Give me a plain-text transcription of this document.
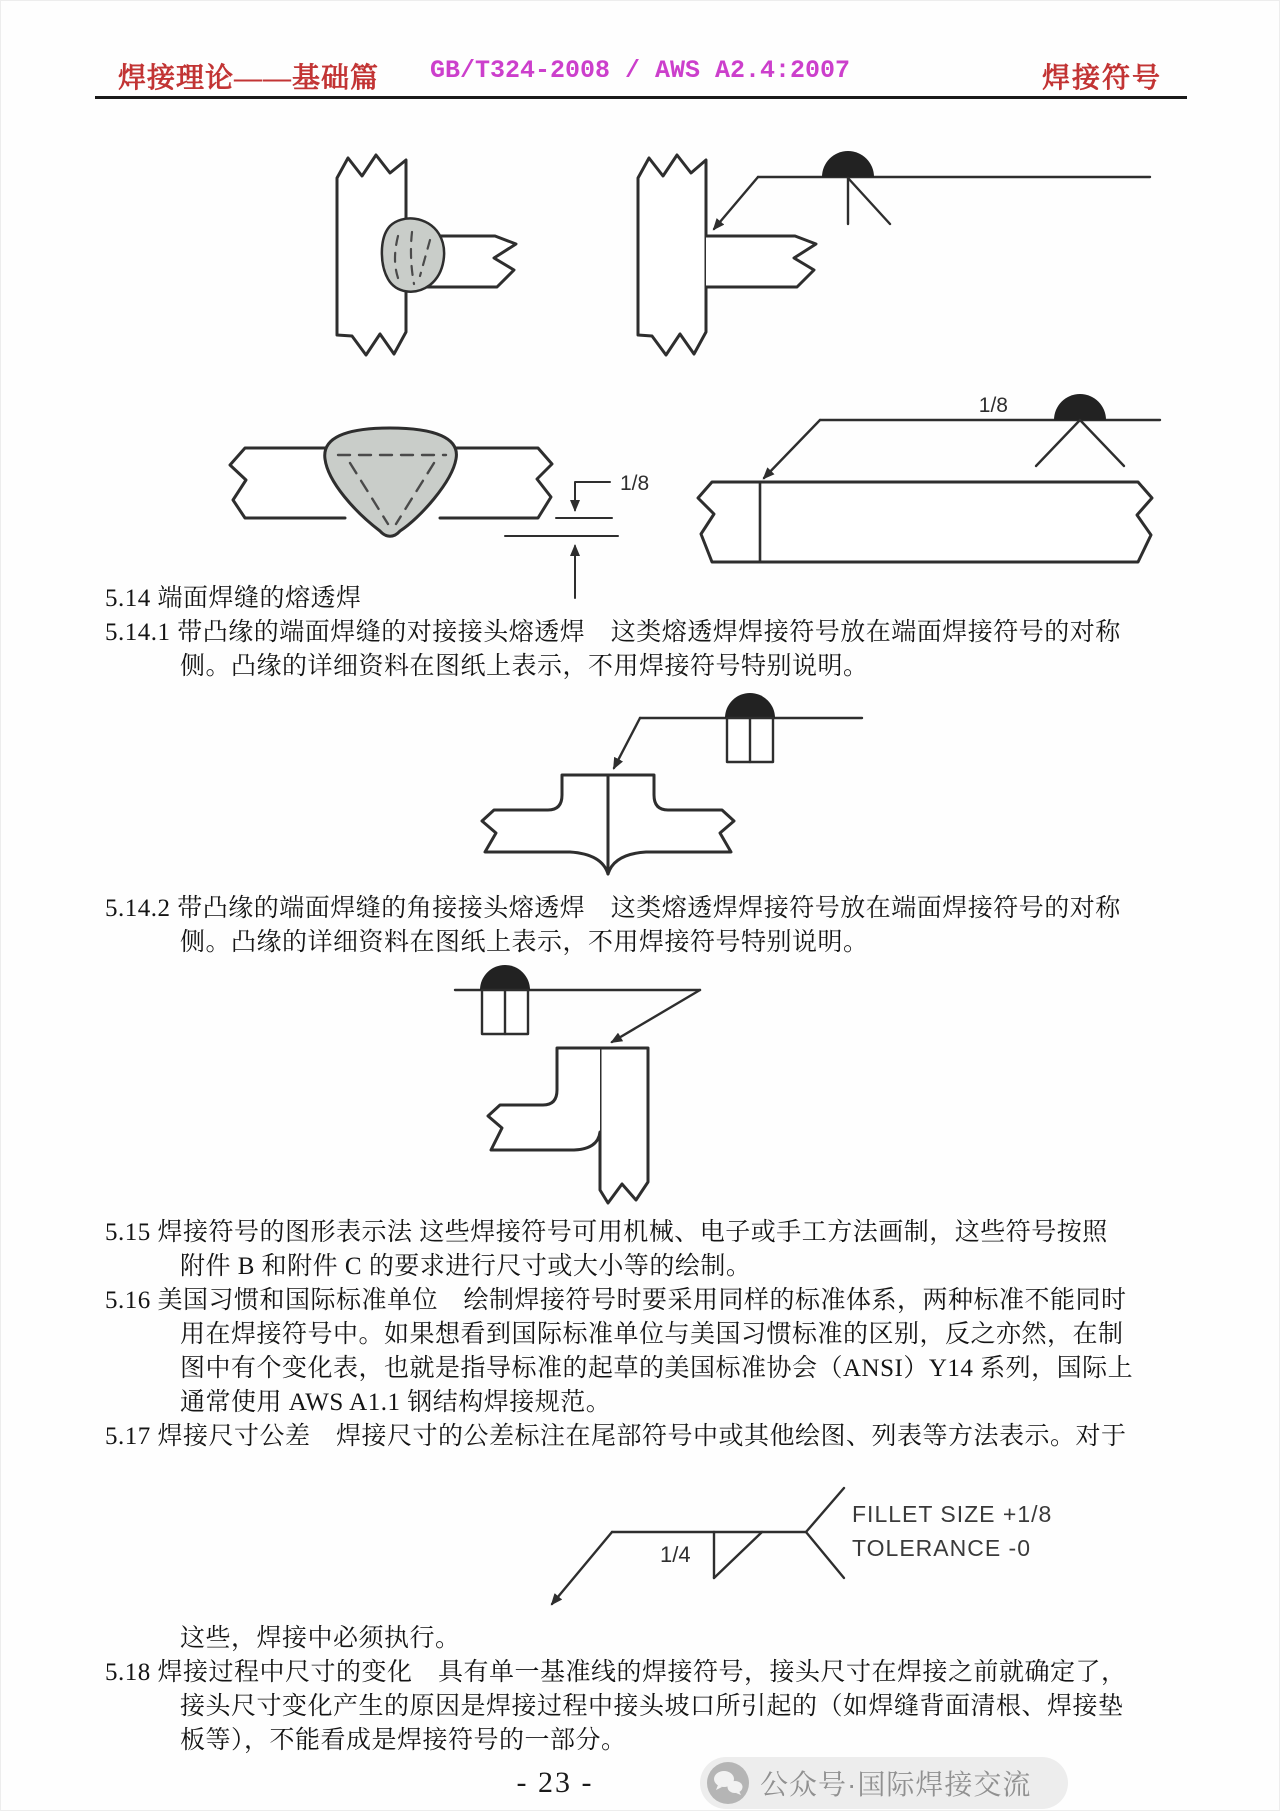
GB/T324-2008 / AWS A2.4:2007
焊接理论——基础篇	焊接符号
1/8
1/8
1/4
FILLET SIZE +1/8
TOLERANCE -0
5.14 端面焊缝的熔透焊
5.14.1 带凸缘的端面焊缝的对接接头熔透焊　这类熔透焊焊接符号放在端面焊接符号的对称
侧。凸缘的详细资料在图纸上表示，不用焊接符号特别说明。
5.14.2 带凸缘的端面焊缝的角接接头熔透焊　这类熔透焊焊接符号放在端面焊接符号的对称
侧。凸缘的详细资料在图纸上表示，不用焊接符号特别说明。
5.15 焊接符号的图形表示法 这些焊接符号可用机械、电子或手工方法画制，这些符号按照
附件 B 和附件 C 的要求进行尺寸或大小等的绘制。
5.16 美国习惯和国际标准单位　绘制焊接符号时要采用同样的标准体系，两种标准不能同时
用在焊接符号中。如果想看到国际标准单位与美国习惯标准的区别，反之亦然，在制
图中有个变化表，也就是指导标准的起草的美国标准协会（ANSI）Y14 系列，国际上
通常使用 AWS A1.1 钢结构焊接规范。
5.17 焊接尺寸公差　焊接尺寸的公差标注在尾部符号中或其他绘图、列表等方法表示。对于
这些，焊接中必须执行。
5.18 焊接过程中尺寸的变化　具有单一基准线的焊接符号，接头尺寸在焊接之前就确定了，
接头尺寸变化产生的原因是焊接过程中接头坡口所引起的（如焊缝背面清根、焊接垫
板等），不能看成是焊接符号的一部分。
- 23 -	公众号·国际焊接交流
